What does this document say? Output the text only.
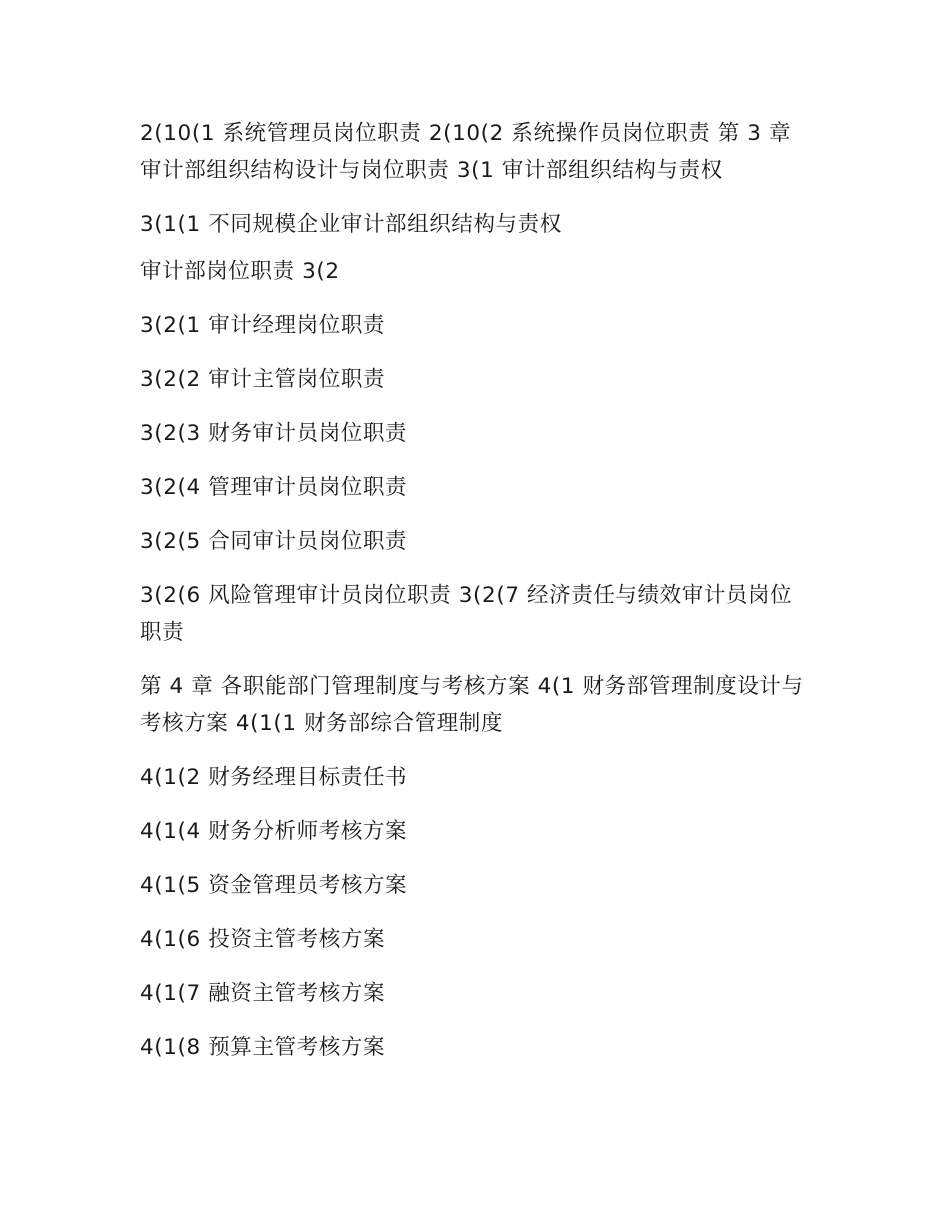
2(10(1 系统管理员岗位职责 2(10(2 系统操作员岗位职责 第 3 章 审计部组织结构设计与岗位职责 3(1 审计部组织结构与责权

3(1(1 不同规模企业审计部组织结构与责权

审计部岗位职责 3(2

3(2(1 审计经理岗位职责

3(2(2 审计主管岗位职责

3(2(3 财务审计员岗位职责

3(2(4 管理审计员岗位职责

3(2(5 合同审计员岗位职责

3(2(6 风险管理审计员岗位职责 3(2(7 经济责任与绩效审计员岗位职责

第 4 章 各职能部门管理制度与考核方案 4(1 财务部管理制度设计与考核方案 4(1(1 财务部综合管理制度

4(1(2 财务经理目标责任书

4(1(4 财务分析师考核方案

4(1(5 资金管理员考核方案

4(1(6 投资主管考核方案

4(1(7 融资主管考核方案

4(1(8 预算主管考核方案
